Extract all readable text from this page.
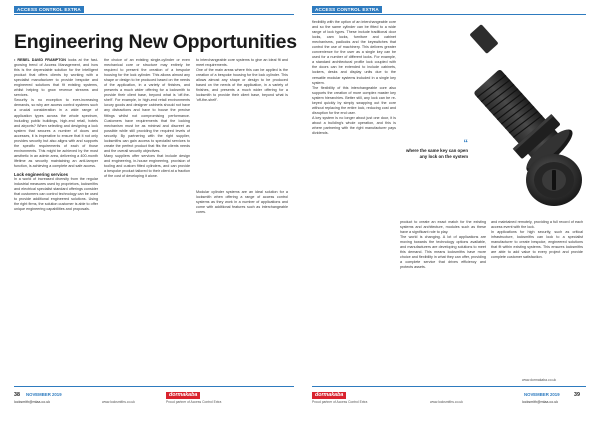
ACCESS CONTROL EXTRA
Engineering New Opportunities

• REBEL DAVID FRAMPTON looks at the fast-growing trend of Access Management, and how this is the dependable solution for the intelligent product that offers clients by working with a specialist manufacturer to provide bespoke and engineered solutions that fit existing systems, whilst helping to grow revenue streams and services.

Security is no exception to ever-increasing demands, so why are access control systems such a crucial consideration in a wide range of application types across the whole spectrum, including public buildings, high-end retail, hotels and airports? When selecting and designing a lock system that secures a number of doors and accesses, it is imperative to ensure that it not only provides security but also aligns with and supports the specific requirements of each of those environments. This might be achieved by the most aesthetic in an admin area, delivering a 400-month lifetime as security maintaining an anti-tamper function, is achieving a complete and safe access.

Lock engineering services

In a world of increased diversity from the regular industrial measures used by proprietors, locksmiths and electrical specialist standard offerings consider that customers can control technology can be used to provide additional engineered solutions. Using the right firms, the solution customer is able to offer unique engineering capabilities and proposals.

the choice of an existing single-cylinder or even mechanical core or structure may entirely be required to present the creation of a bespoke housing for the lock cylinder. This allows almost any shape or design to be produced based on the needs of the application, in a variety of finishes, and presents a much wider offering for a locksmith to provide their client base, beyond what is 'off-the-shelf'. For example, in high-end retail environments luxury goods and designer cabinets should not have any distractions and have to house the precise fittings whilst not compromising performance. Customers have requirements that the locking mechanism must be as minimal and discreet as possible while still providing the required levels of security. By partnering with the right supplier, locksmiths can gain access to specialist services to create the perfect product that fits the clients needs and the overall security objectives.

Many suppliers offer services that include design and engineering, in-house engineering, provision of tooling and custom fitted cylinders, and can provide a bespoke product tailored to their client at a fraction of the cost of developing it alone.

to interchangeable core systems to give an ideal fit and meet requirements.

One of the main areas where this can be applied is the creation of a bespoke housing for the lock cylinder. This allows almost any shape or design to be produced based on the needs of the application, in a variety of finishes, and presents a much wider offering for a locksmith to provide their client base, beyond what is 'off-the-shelf'.

Modular cylinder systems are an ideal solution for a locksmith when offering a range of access control systems as they work in a number of applications and come with additional features such as interchangeable cores.

38 NOVEMBER 2019
locksmith@mlaa.co.uk	www.locksmiths.co.uk
dormakaba
Proud partner of Access Control Extra
ACCESS CONTROL EXTRA

flexibility with the option of an interchangeable core and so the same cylinder can be fitted to a wide range of lock types. These include traditional door locks, cam locks, furniture and cabinet mechanisms, padlocks and the keyswitches that control the use of machinery. This delivers greater convenience for the user as a single key can be used for a number of different locks. For example, a standard architectural profile lock coupled with the doors can be extended to include cabinets, lockers, desks and display units due to the versatile modular systems included in a single key system.

The flexibility of this interchangeable core also supports the creation of more complex master key system hierarchies. Better still, any lock can be re-keyed quickly by simply swapping out the core without replacing the entire lock, reducing cost and disruption for the end user.

A key system is no longer about just one door, it is about a building's whole operation, and this is where partnering with the right manufacturer pays dividends.

“
where the same key can open any lock on the system

product to create an exact match for the existing systems and architecture, modules such as these have a significant role to play.

The world is changing. A lot of applications are moving towards the technology options available, and manufacturers are developing solutions to meet this demand. This means locksmiths have more choice and flexibility in what they can offer, providing a complete service that drives efficiency and protects assets.

and maintained remotely, providing a full record of each access event with the lock.

In applications for high security, such as critical infrastructure, locksmiths can look to a specialist manufacturer to create bespoke, engineered solutions that fit within existing systems. This ensures locksmiths are able to add value to every project and provide complete customer satisfaction.

dormakaba
Proud partner of Access Control Extra	www.locksmiths.co.uk
www.dormakaba.co.uk
locksmith@mlaa.co.uk
NOVEMBER 2019	39
